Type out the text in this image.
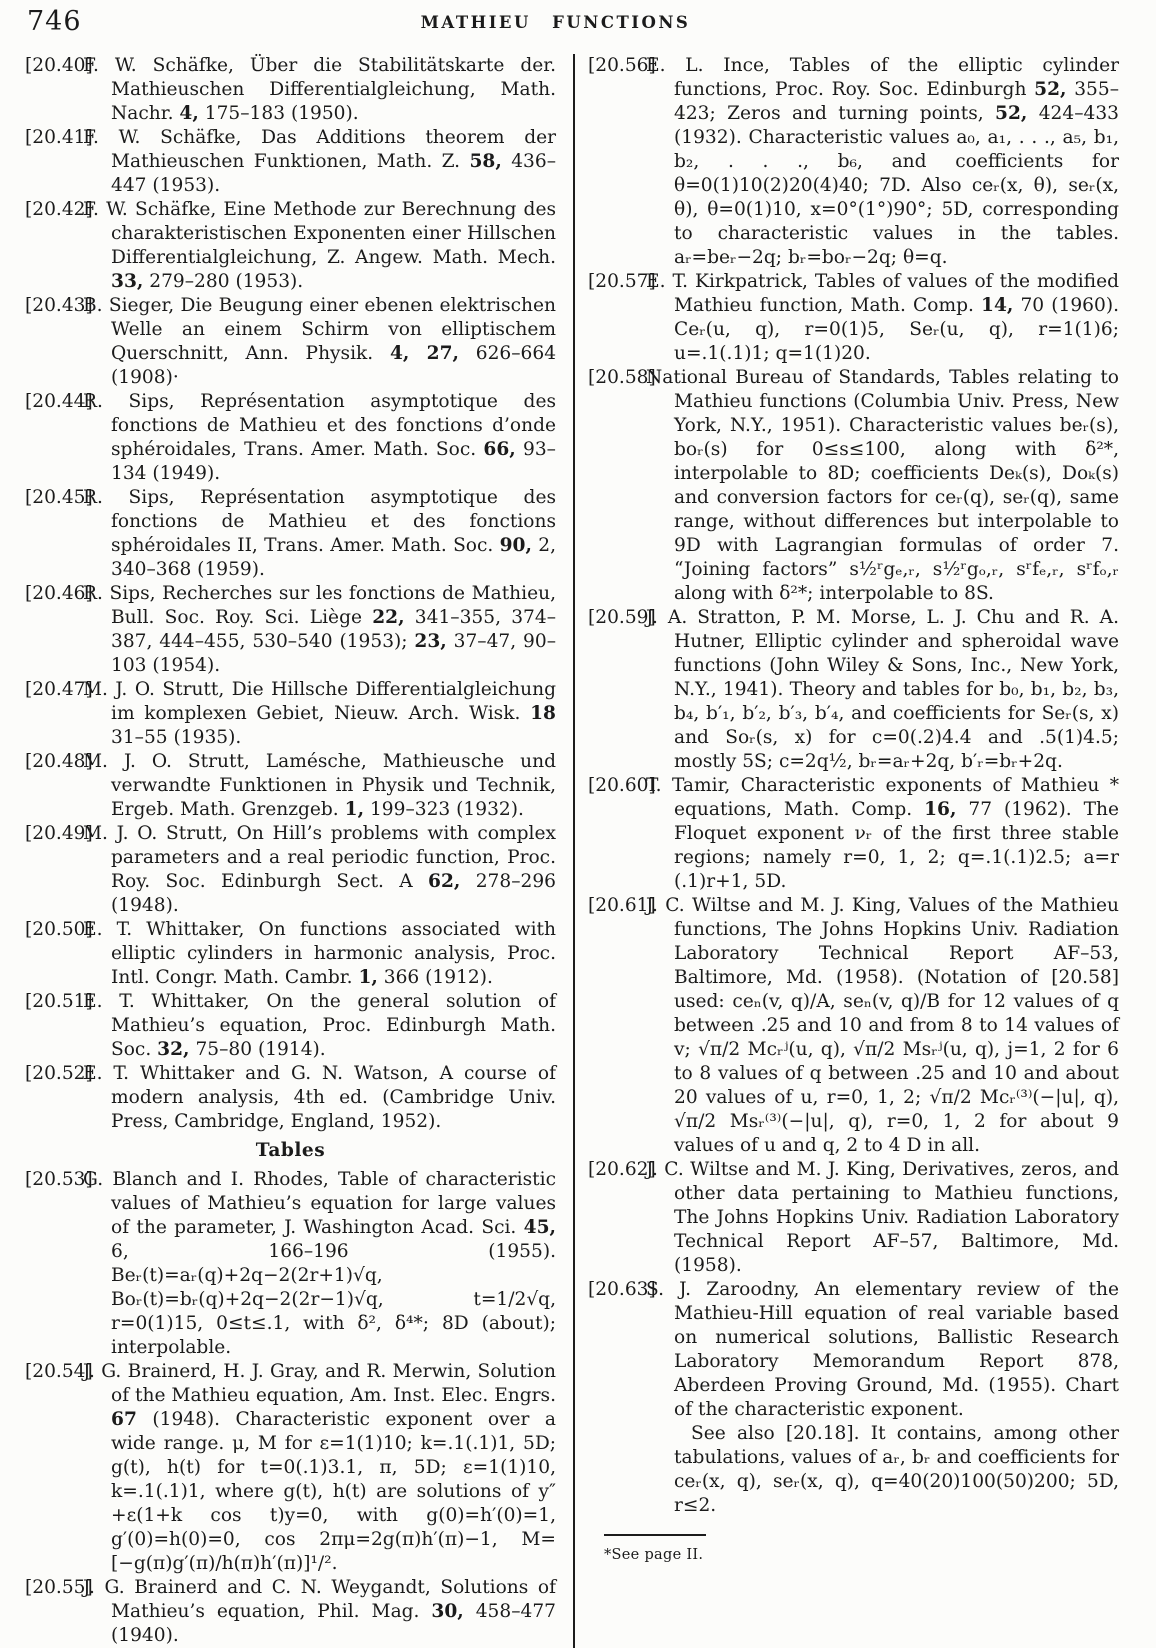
746	MATHIEU FUNCTIONS
[20.40]
F. W. Schäfke, Über die Stabilitätskarte der. Mathieuschen Differentialgleichung, Math. Nachr. 4, 175–183 (1950).
[20.41]
F. W. Schäfke, Das Additions theorem der Mathieuschen Funktionen, Math. Z. 58, 436–447 (1953).
[20.42]
F. W. Schäfke, Eine Methode zur Berechnung des charakteristischen Exponenten einer Hillschen Differentialgleichung, Z. Angew. Math. Mech. 33, 279–280 (1953).
[20.43]
B. Sieger, Die Beugung einer ebenen elektrischen Welle an einem Schirm von elliptischem Querschnitt, Ann. Physik. 4, 27, 626–664 (1908)·
[20.44]
R. Sips, Représentation asymptotique des fonctions de Mathieu et des fonctions d’onde sphéroidales, Trans. Amer. Math. Soc. 66, 93–134 (1949).
[20.45]
R. Sips, Représentation asymptotique des fonctions de Mathieu et des fonctions sphéroidales II, Trans. Amer. Math. Soc. 90, 2, 340–368 (1959).
[20.46]
R. Sips, Recherches sur les fonctions de Mathieu, Bull. Soc. Roy. Sci. Liège 22, 341–355, 374–387, 444–455, 530–540 (1953); 23, 37–47, 90–103 (1954).
[20.47]
M. J. O. Strutt, Die Hillsche Differentialgleichung im komplexen Gebiet, Nieuw. Arch. Wisk. 18 31–55 (1935).
[20.48]
M. J. O. Strutt, Lamésche, Mathieusche und verwandte Funktionen in Physik und Technik, Ergeb. Math. Grenzgeb. 1, 199–323 (1932).
[20.49]
M. J. O. Strutt, On Hill’s problems with complex parameters and a real periodic function, Proc. Roy. Soc. Edinburgh Sect. A 62, 278–296 (1948).
[20.50]
E. T. Whittaker, On functions associated with elliptic cylinders in harmonic analysis, Proc. Intl. Congr. Math. Cambr. 1, 366 (1912).
[20.51]
E. T. Whittaker, On the general solution of Mathieu’s equation, Proc. Edinburgh Math. Soc. 32, 75–80 (1914).
[20.52]
E. T. Whittaker and G. N. Watson, A course of modern analysis, 4th ed. (Cambridge Univ. Press, Cambridge, England, 1952).
Tables
[20.53]
G. Blanch and I. Rhodes, Table of characteristic values of Mathieu’s equation for large values of the parameter, J. Washington Acad. Sci. 45, 6, 166–196 (1955). Beᵣ(t)=aᵣ(q)+2q−2(2r+1)√q, Boᵣ(t)=bᵣ(q)+2q−2(2r−1)√q, t=1/2√q, r=0(1)15, 0≤t≤.1, with δ², δ⁴*; 8D (about); interpolable.
[20.54]
J. G. Brainerd, H. J. Gray, and R. Merwin, Solution of the Mathieu equation, Am. Inst. Elec. Engrs. 67 (1948). Characteristic exponent over a wide range. μ, M for ε=1(1)10; k=.1(.1)1, 5D; g(t), h(t) for t=0(.1)3.1, π, 5D; ε=1(1)10, k=.1(.1)1, where g(t), h(t) are solutions of y″+ε(1+k cos t)y=0, with g(0)=h′(0)=1, g′(0)=h(0)=0, cos 2πμ=2g(π)h′(π)−1, M=[−g(π)g′(π)/h(π)h′(π)]¹/².
[20.55]
J. G. Brainerd and C. N. Weygandt, Solutions of Mathieu’s equation, Phil. Mag. 30, 458–477 (1940).
[20.56]
E. L. Ince, Tables of the elliptic cylinder functions, Proc. Roy. Soc. Edinburgh 52, 355–423; Zeros and turning points, 52, 424–433 (1932). Characteristic values a₀, a₁, . . ., a₅, b₁, b₂, . . ., b₆, and coefficients for θ=0(1)10(2)20(4)40; 7D. Also ceᵣ(x, θ), seᵣ(x, θ), θ=0(1)10, x=0°(1°)90°; 5D, corresponding to characteristic values in the tables. aᵣ=beᵣ−2q; bᵣ=boᵣ−2q; θ=q.
[20.57]
E. T. Kirkpatrick, Tables of values of the modified Mathieu function, Math. Comp. 14, 70 (1960). Ceᵣ(u, q), r=0(1)5, Seᵣ(u, q), r=1(1)6; u=.1(.1)1; q=1(1)20.
[20.58]
National Bureau of Standards, Tables relating to Mathieu functions (Columbia Univ. Press, New York, N.Y., 1951). Characteristic values beᵣ(s), boᵣ(s) for 0≤s≤100, along with δ²*, interpolable to 8D; coefficients Deₖ(s), Doₖ(s) and conversion factors for ceᵣ(q), seᵣ(q), same range, without differences but interpolable to 9D with Lagrangian formulas of order 7. “Joining factors” s½ʳgₑ,ᵣ, s½ʳgₒ,ᵣ, sʳfₑ,ᵣ, sʳfₒ,ᵣ along with δ²*; interpolable to 8S.
[20.59]
J. A. Stratton, P. M. Morse, L. J. Chu and R. A. Hutner, Elliptic cylinder and spheroidal wave functions (John Wiley & Sons, Inc., New York, N.Y., 1941). Theory and tables for b₀, b₁, b₂, b₃, b₄, b′₁, b′₂, b′₃, b′₄, and coefficients for Seᵣ(s, x) and Soᵣ(s, x) for c=0(.2)4.4 and .5(1)4.5; mostly 5S; c=2q½, bᵣ=aᵣ+2q, b′ᵣ=bᵣ+2q.
[20.60]
T. Tamir, Characteristic exponents of Mathieu * equations, Math. Comp. 16, 77 (1962). The Floquet exponent νᵣ of the first three stable regions; namely r=0, 1, 2; q=.1(.1)2.5; a=r (.1)r+1, 5D.
[20.61]
J. C. Wiltse and M. J. King, Values of the Mathieu functions, The Johns Hopkins Univ. Radiation Laboratory Technical Report AF–53, Baltimore, Md. (1958). (Notation of [20.58] used: ceₙ(v, q)/A, seₙ(v, q)/B for 12 values of q between .25 and 10 and from 8 to 14 values of v; √π/2 Mcᵣʲ(u, q), √π/2 Msᵣʲ(u, q), j=1, 2 for 6 to 8 values of q between .25 and 10 and about 20 values of u, r=0, 1, 2; √π/2 Mcᵣ⁽³⁾(−|u|, q), √π/2 Msᵣ⁽³⁾(−|u|, q), r=0, 1, 2 for about 9 values of u and q, 2 to 4 D in all.
[20.62]
J. C. Wiltse and M. J. King, Derivatives, zeros, and other data pertaining to Mathieu functions, The Johns Hopkins Univ. Radiation Laboratory Technical Report AF–57, Baltimore, Md. (1958).
[20.63]
S. J. Zaroodny, An elementary review of the Mathieu-Hill equation of real variable based on numerical solutions, Ballistic Research Laboratory Memorandum Report 878, Aberdeen Proving Ground, Md. (1955). Chart of the characteristic exponent.
See also [20.18]. It contains, among other tabulations, values of aᵣ, bᵣ and coefficients for ceᵣ(x, q), seᵣ(x, q), q=40(20)100(50)200; 5D, r≤2.
*See page II.
